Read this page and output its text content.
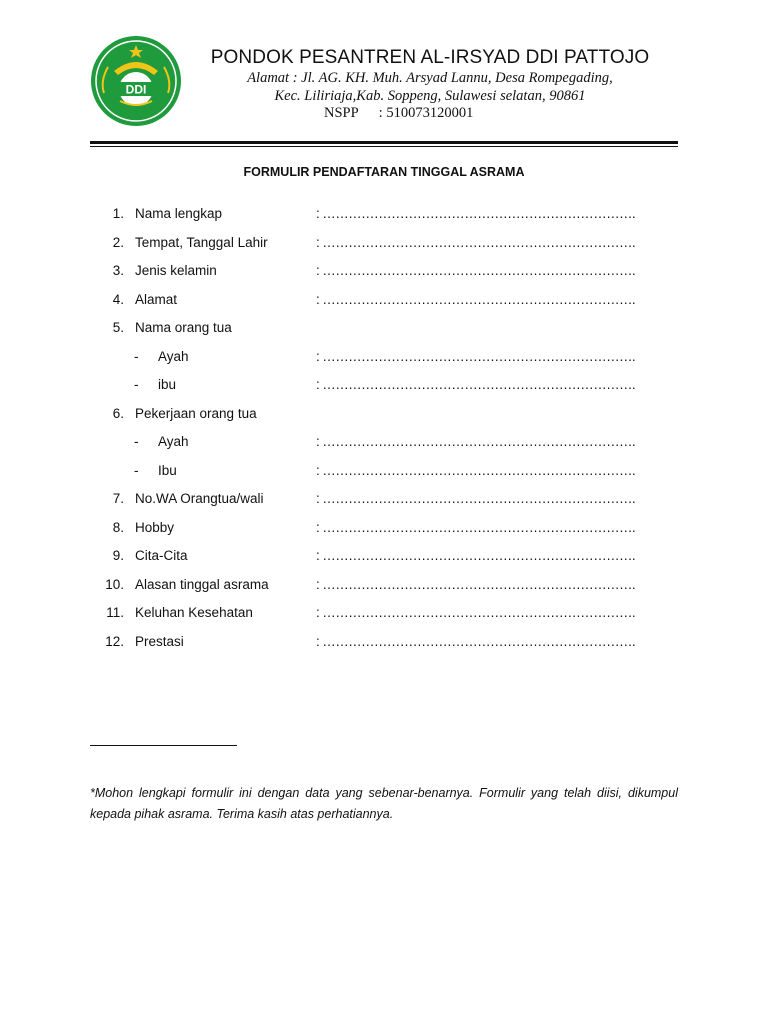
DDI
PONDOK PESANTREN AL-IRSYAD DDI PATTOJO
Alamat : Jl. AG. KH. Muh. Arsyad Lannu, Desa Rompegading,
Kec. Liliriaja,Kab. Soppeng, Sulawesi selatan, 90861
NSPP : 510073120001
FORMULIR PENDAFTARAN TINGGAL ASRAMA
1. Nama lengkap	: ……………………………………………………………….
2. Tempat, Tanggal Lahir	: ……………………………………………………………….
3. Jenis kelamin	: ……………………………………………………………….
4. Alamat	: ……………………………………………………………….
5. Nama orang tua
-	Ayah	: ……………………………………………………………….
-	ibu	: ……………………………………………………………….
6. Pekerjaan orang tua
-	Ayah	: ……………………………………………………………….
-	Ibu	: ……………………………………………………………….
7. No.WA Orangtua/wali	: ……………………………………………………………….
8. Hobby	: ……………………………………………………………….
9. Cita-Cita	: ……………………………………………………………….
10. Alasan tinggal asrama	: ……………………………………………………………….
11. Keluhan Kesehatan	: ……………………………………………………………….
12. Prestasi	: ……………………………………………………………….
*Mohon lengkapi formulir ini dengan data yang sebenar-benarnya. Formulir yang telah diisi, dikumpul kepada pihak asrama. Terima kasih atas perhatiannya.
